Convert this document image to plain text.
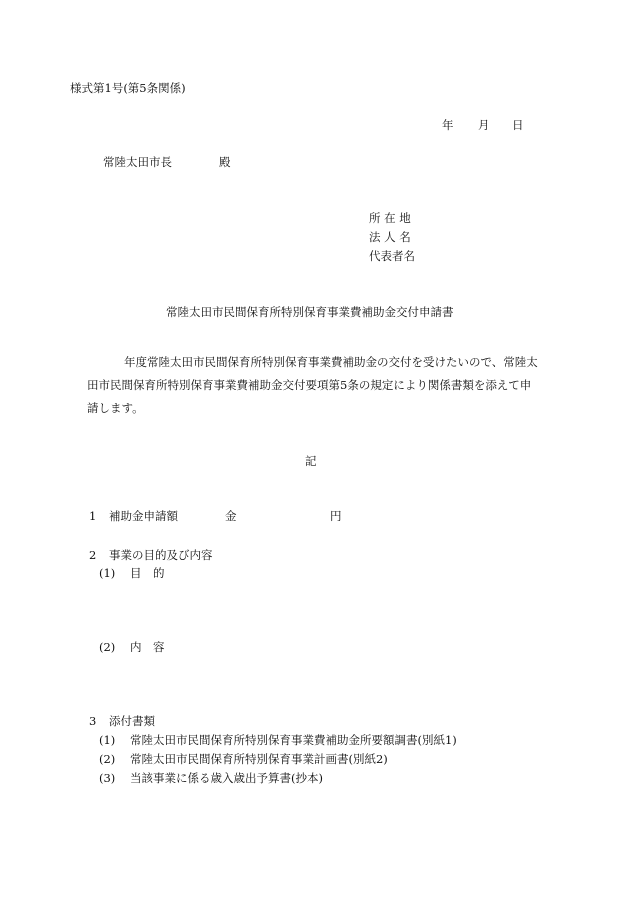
様式第1号(第5条関係)
年 月 日
常陸太田市長	殿
所 在 地
法 人 名
代表者名
常陸太田市民間保育所特別保育事業費補助金交付申請書
年度常陸太田市民間保育所特別保育事業費補助金の交付を受けたいので、常陸太
田市民間保育所特別保育事業費補助金交付要項第5条の規定により関係書類を添えて申
請します。
記
1 補助金申請額	金	円
2 事業の目的及び内容
(1) 目　的
(2) 内　容
3 添付書類
(1) 常陸太田市民間保育所特別保育事業費補助金所要額調書(別紙1)
(2) 常陸太田市民間保育所特別保育事業計画書(別紙2)
(3) 当該事業に係る歳入歳出予算書(抄本)
